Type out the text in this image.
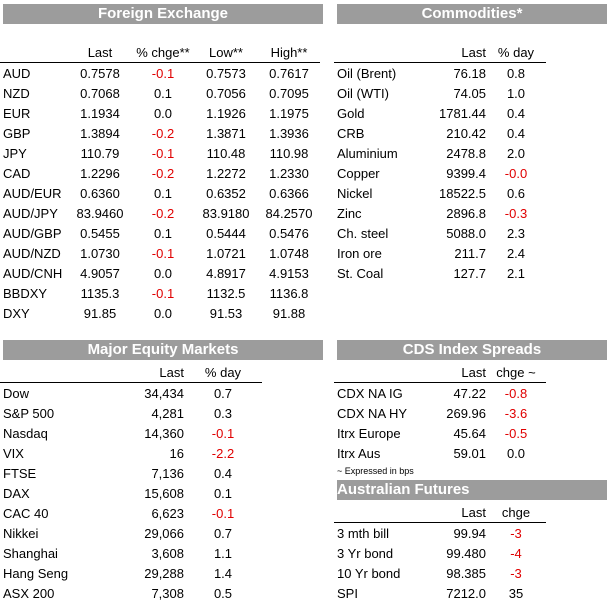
Foreign Exchange
	Last	% chge**	Low**	High**
AUD	0.7578	-0.1	0.7573	0.7617
NZD	0.7068	0.1	0.7056	0.7095
EUR	1.1934	0.0	1.1926	1.1975
GBP	1.3894	-0.2	1.3871	1.3936
JPY	110.79	-0.1	110.48	110.98
CAD	1.2296	-0.2	1.2272	1.2330
AUD/EUR	0.6360	0.1	0.6352	0.6366
AUD/JPY	83.9460	-0.2	83.9180	84.2570
AUD/GBP	0.5455	0.1	0.5444	0.5476
AUD/NZD	1.0730	-0.1	1.0721	1.0748
AUD/CNH	4.9057	0.0	4.8917	4.9153
BBDXY	1135.3	-0.1	1132.5	1136.8
DXY	91.85	0.0	91.53	91.88
Commodities*
	Last	% day
Oil (Brent)	76.18	0.8
Oil (WTI)	74.05	1.0
Gold	1781.44	0.4
CRB	210.42	0.4
Aluminium	2478.8	2.0
Copper	9399.4	-0.0
Nickel	18522.5	0.6
Zinc	2896.8	-0.3
Ch. steel	5088.0	2.3
Iron ore	211.7	2.4
St. Coal	127.7	2.1
Major Equity Markets
	Last	% day
Dow	34,434	0.7
S&P 500	4,281	0.3
Nasdaq	14,360	-0.1
VIX	16	-2.2
FTSE	7,136	0.4
DAX	15,608	0.1
CAC 40	6,623	-0.1
Nikkei	29,066	0.7
Shanghai	3,608	1.1
Hang Seng	29,288	1.4
ASX 200	7,308	0.5
CDS Index Spreads
	Last	chge ~
CDX NA IG	47.22	-0.8
CDX NA HY	269.96	-3.6
Itrx Europe	45.64	-0.5
Itrx Aus	59.01	0.0
~ Expressed in bps
Australian Futures
	Last	chge
3 mth bill	99.94	-3
3 Yr bond	99.480	-4
10 Yr bond	98.385	-3
SPI	7212.0	35
